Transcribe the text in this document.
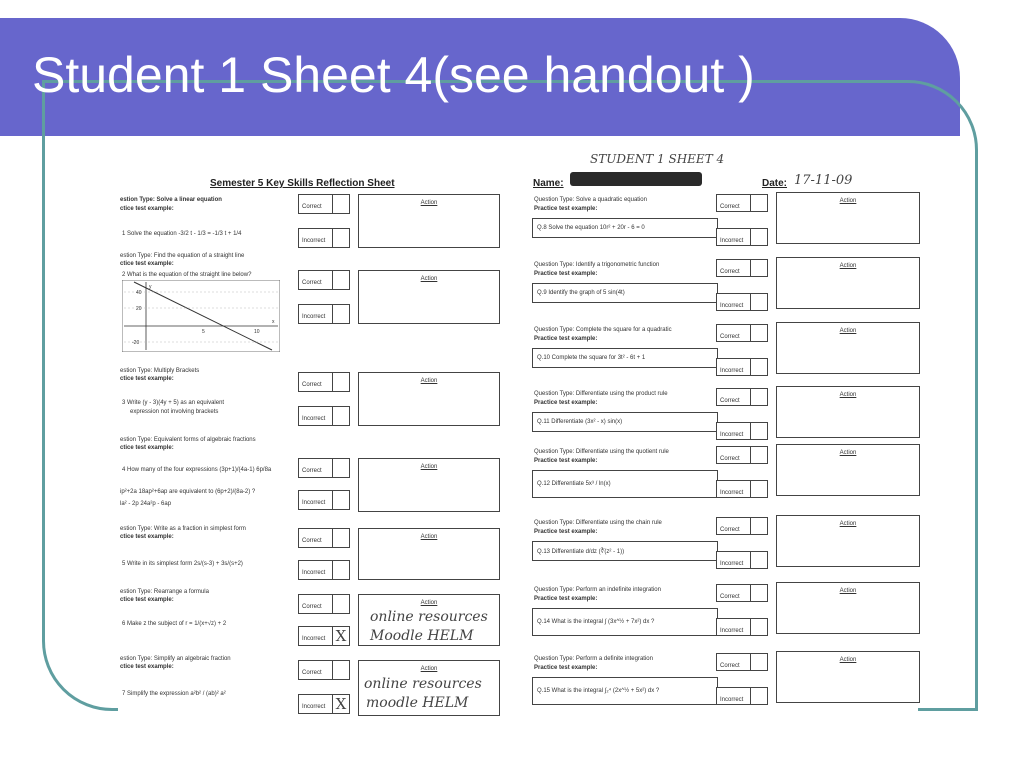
Student 1 Sheet 4(see handout )
Semester 5 Key Skills Reflection Sheet
STUDENT 1 SHEET 4
Name:	Date: 17-11-09
estion Type: Solve a linear equation
ctice test example:
1 Solve the equation -3/2 t - 1/3 = -1/3 t + 1/4
Correct
Incorrect
Action
estion Type: Find the equation of a straight line
ctice test example:
2 What is the equation of the straight line below?
40
20
-20
5	10
y
x
Correct
Incorrect
Action
estion Type: Multiply Brackets
ctice test example:
3 Write (y - 3)(4y + 5) as an equivalent
expression not involving brackets
Correct
Incorrect
Action
estion Type: Equivalent forms of algebraic fractions
ctice test example:
4 How many of the four expressions (3p+1)/(4a-1) 6p/8a
ip²+2a 18ap²+6ap are equivalent to (6p+2)/(8a-2) ?
la² - 2p 24a²p - 6ap
Correct
Incorrect
Action
estion Type: Write as a fraction in simplest form
ctice test example:
5 Write in its simplest form 2s/(s-3) + 3s/(s+2)
Correct
Incorrect
Action
estion Type: Rearrange a formula
ctice test example:
6 Make z the subject of r = 1/(x+√z) + 2
Correct
Incorrect X
Action
online resources
Moodle HELM
estion Type: Simplify an algebraic fraction
ctice test example:
7 Simplify the expression a²b² / (ab)² a²
Correct
Incorrect X
Action
online resources
moodle HELM
Question Type: Solve a quadratic equation
Practice test example:
Q.8 Solve the equation 10r² + 20r - 6 = 0
Correct
Incorrect
Action
Question Type: Identify a trigonometric function
Practice test example:
Q.9 Identify the graph of 5 sin(4t)
Correct
Incorrect
Action
Question Type: Complete the square for a quadratic
Practice test example:
Q.10 Complete the square for 3t² - 6t + 1
Correct
Incorrect
Action
Question Type: Differentiate using the product rule
Practice test example:
Q.11 Differentiate (3x² - x) sin(x)
Correct
Incorrect
Action
Question Type: Differentiate using the quotient rule
Practice test example:
Q.12 Differentiate 5x³ / ln(x)
Correct
Incorrect
Action
Question Type: Differentiate using the chain rule
Practice test example:
Q.13 Differentiate d/dz (∛(z² - 1))
Correct
Incorrect
Action
Question Type: Perform an indefinite integration
Practice test example:
Q.14 What is the integral ∫ (3x^½ + 7x²) dx ?
Correct
Incorrect
Action
Question Type: Perform a definite integration
Practice test example:
Q.15 What is the integral ∫₂⁴ (2x^½ + 5x²) dx ?
Correct
Incorrect
Action
